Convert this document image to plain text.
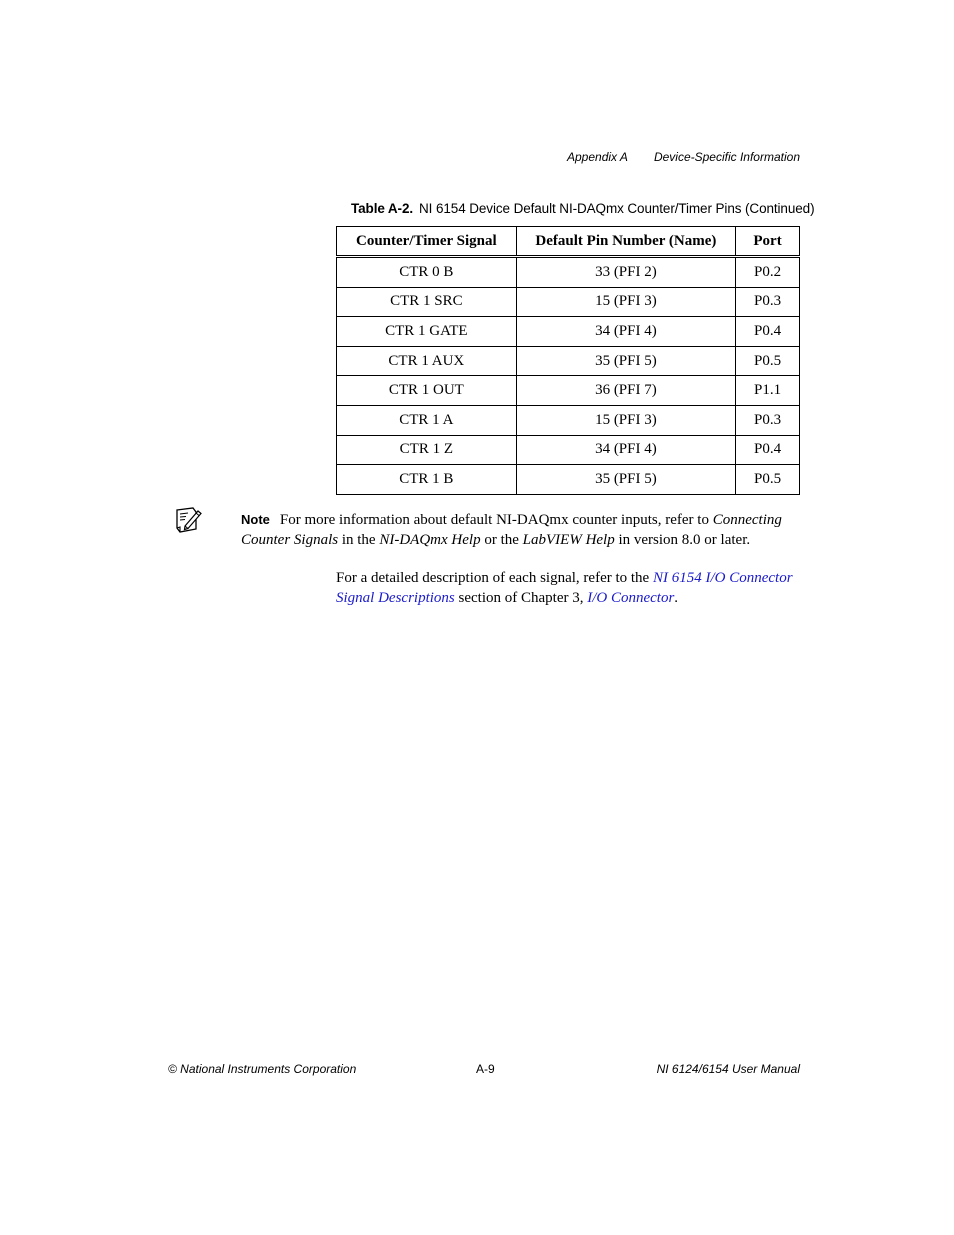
Appendix A Device-Specific Information
Table A-2. NI 6154 Device Default NI-DAQmx Counter/Timer Pins (Continued)
Counter/Timer Signal	Default Pin Number (Name)	Port
CTR 0 B	33 (PFI 2)	P0.2
CTR 1 SRC	15 (PFI 3)	P0.3
CTR 1 GATE	34 (PFI 4)	P0.4
CTR 1 AUX	35 (PFI 5)	P0.5
CTR 1 OUT	36 (PFI 7)	P1.1
CTR 1 A	15 (PFI 3)	P0.3
CTR 1 Z	34 (PFI 4)	P0.4
CTR 1 B	35 (PFI 5)	P0.5
Note For more information about default NI-DAQmx counter inputs, refer to Connecting Counter Signals in the NI-DAQmx Help or the LabVIEW Help in version 8.0 or later.
For a detailed description of each signal, refer to the NI 6154 I/O Connector Signal Descriptions section of Chapter 3, I/O Connector.
© National Instruments Corporation	A-9	NI 6124/6154 User Manual
